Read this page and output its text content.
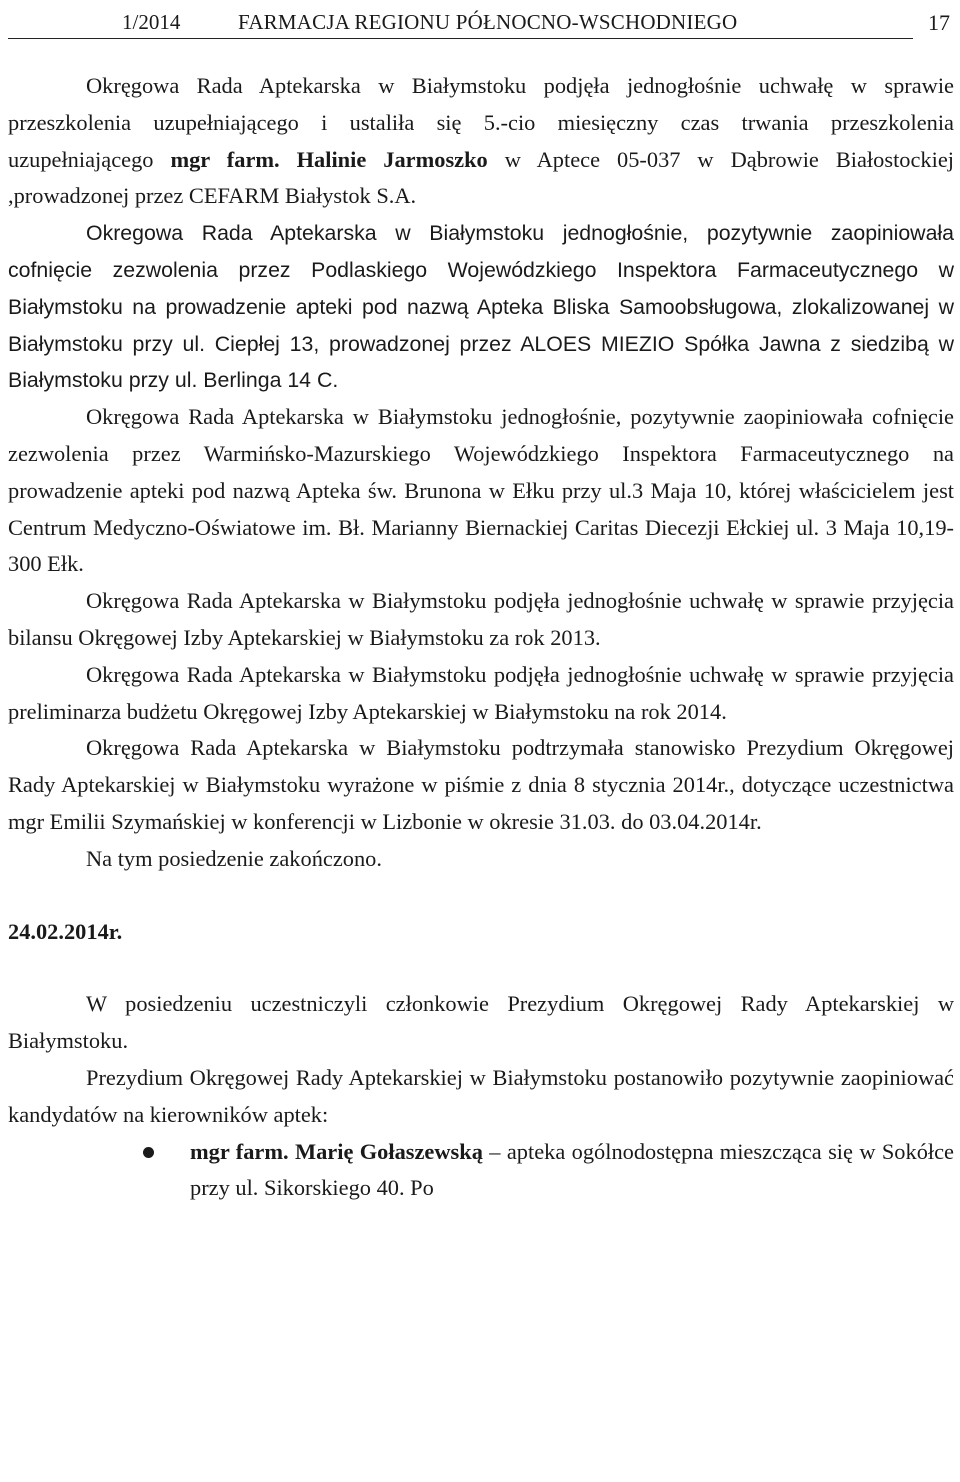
1/2014	FARMACJA REGIONU PÓŁNOCNO-WSCHODNIEGO	17

Okręgowa Rada Aptekarska w Białymstoku podjęła jednogłośnie uchwałę w sprawie przeszkolenia uzupełniającego i ustaliła się 5.-cio miesięczny czas trwania przeszkolenia uzupełniającego mgr farm. Halinie Jarmoszko w Aptece 05-037 w Dąbrowie Białostockiej ,prowadzonej przez CEFARM Białystok S.A.

Okregowa Rada Aptekarska w Białymstoku jednogłośnie, pozytywnie zaopiniowała cofnięcie zezwolenia przez Podlaskiego Wojewódzkiego Inspektora Farmaceutycznego w Białymstoku na prowadzenie apteki pod nazwą Apteka Bliska Samoobsługowa, zlokalizowanej w Białymstoku przy ul. Ciepłej 13, prowadzonej przez ALOES MIEZIO Spółka Jawna z siedzibą w Białymstoku przy ul. Berlinga 14 C.

Okręgowa Rada Aptekarska w Białymstoku jednogłośnie, pozytywnie zaopiniowała cofnięcie zezwolenia przez Warmińsko-Mazurskiego Wojewódzkiego Inspektora Farmaceutycznego na prowadzenie apteki pod nazwą Apteka św. Brunona w Ełku przy ul.3 Maja 10, której właścicielem jest Centrum Medyczno-Oświatowe im. Bł. Marianny Biernackiej Caritas Diecezji Ełckiej ul. 3 Maja 10,19-300 Ełk.

Okręgowa Rada Aptekarska w Białymstoku podjęła jednogłośnie uchwałę w sprawie przyjęcia bilansu Okręgowej Izby Aptekarskiej w Białymstoku za rok 2013.

Okręgowa Rada Aptekarska w Białymstoku podjęła jednogłośnie uchwałę w sprawie przyjęcia preliminarza budżetu Okręgowej Izby Aptekarskiej w Białymstoku na rok 2014.

Okręgowa Rada Aptekarska w Białymstoku podtrzymała stanowisko Prezydium Okręgowej Rady Aptekarskiej w Białymstoku wyrażone w piśmie z dnia 8 stycznia 2014r., dotyczące uczestnictwa mgr Emilii Szymańskiej w konferencji w Lizbonie w okresie 31.03. do 03.04.2014r.

Na tym posiedzenie zakończono.

24.02.2014r.

W posiedzeniu uczestniczyli członkowie Prezydium Okręgowej Rady Aptekarskiej w Białymstoku.

Prezydium Okręgowej Rady Aptekarskiej w Białymstoku postanowiło pozytywnie zaopiniować kandydatów na kierowników aptek:

mgr farm. Marię Gołaszewską – apteka ogólnodostępna mieszcząca się w Sokółce przy ul. Sikorskiego 40. Po
